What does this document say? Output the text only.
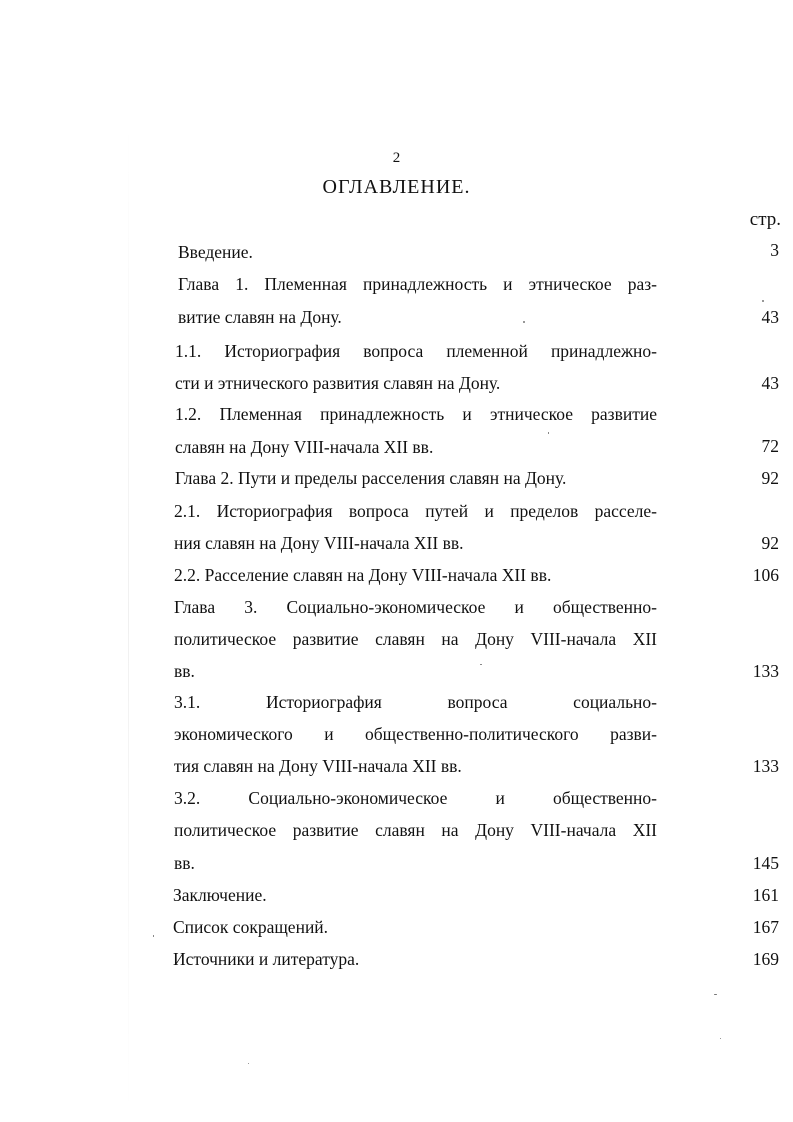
2
ОГЛАВЛЕНИЕ.
стр.
Введение.	3
Глава 1. Племенная принадлежность и этническое раз-
витие славян на Дону.	43
1.1. Историография вопроса племенной принадлежно-
сти и этнического развития славян на Дону.	43
1.2. Племенная принадлежность и этническое развитие
славян на Дону VIII-начала XII вв.	72
Глава 2. Пути и пределы расселения славян на Дону.	92
2.1. Историография вопроса путей и пределов расселе-
ния славян на Дону VIII-начала XII вв.	92
2.2. Расселение славян на Дону VIII-начала XII вв.	106
Глава 3. Социально-экономическое и общественно-
политическое развитие славян на Дону VIII-начала XII
вв.	133
3.1. Историография вопроса социально-
экономического и общественно-политического разви-
тия славян на Дону VIII-начала XII вв.	133
3.2. Социально-экономическое и общественно-
политическое развитие славян на Дону VIII-начала XII
вв.	145
Заключение.	161
Список сокращений.	167
Источники и литература.	169
